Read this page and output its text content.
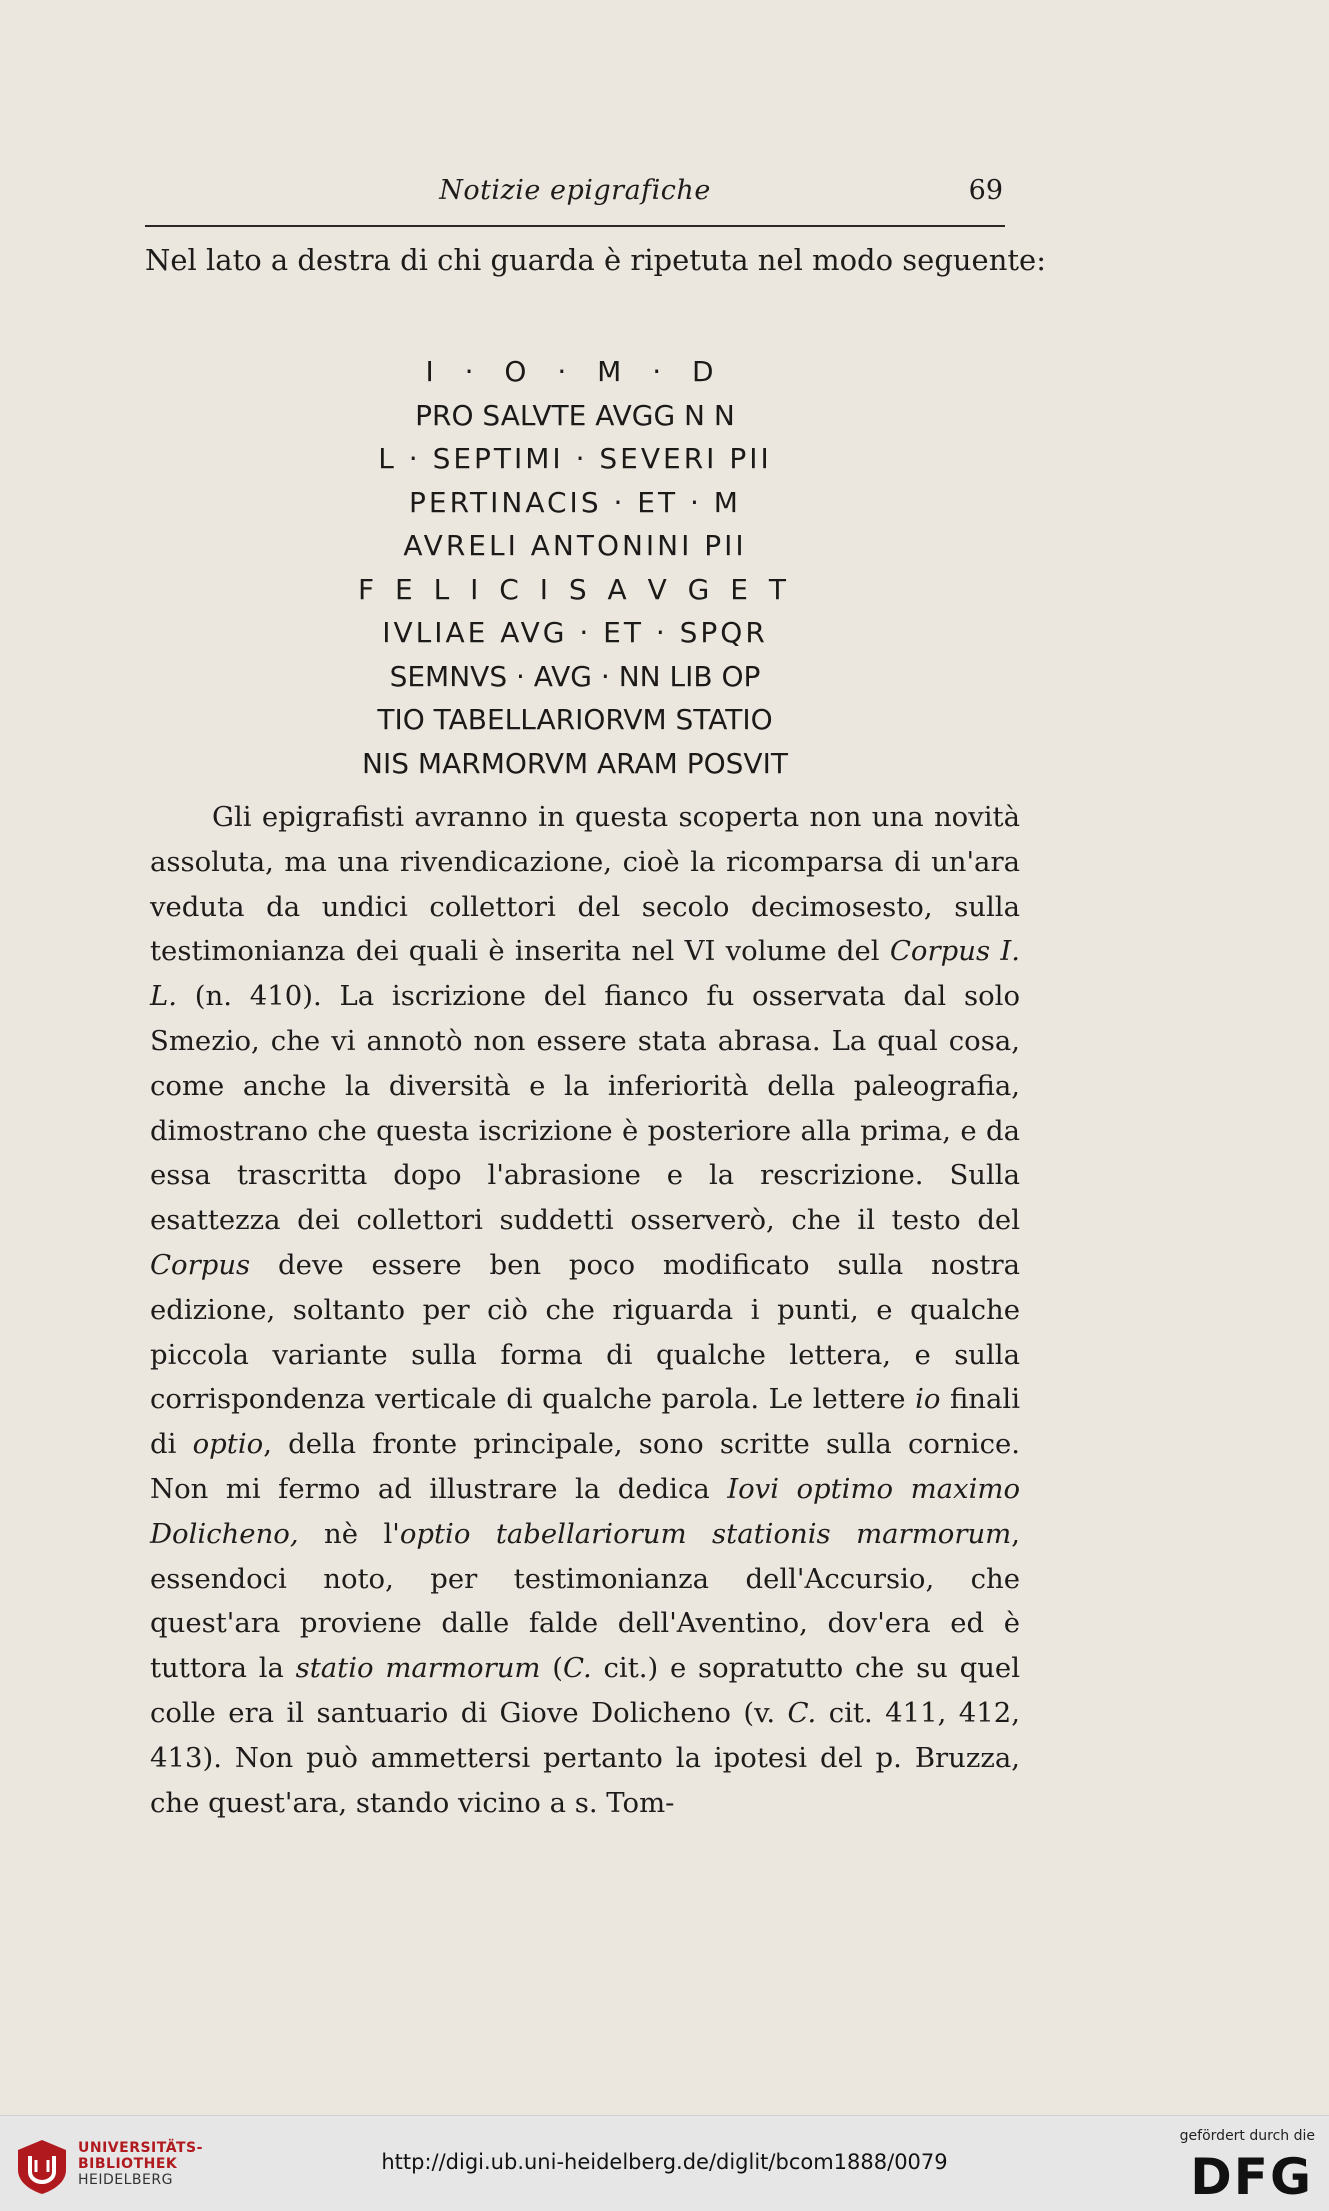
Notizie epigrafiche	69
Nel lato a destra di chi guarda è ripetuta nel modo seguente:
I · O · M · D
PRO SALVTE AVGG N N
L · SEPTIMI · SEVERI PII
PERTINACIS · ET · M
AVRELI ANTONINI PII
F E L I C I S A V G E T
IVLIAE AVG · ET · SPQR
SEMNVS · AVG · NN LIB OP
TIO TABELLARIORVM STATIO
NIS MARMORVM ARAM POSVIT

Gli epigrafisti avranno in questa scoperta non una novità assoluta, ma una rivendicazione, cioè la ricomparsa di un'ara veduta da undici collettori del secolo decimosesto, sulla testimonianza dei quali è inserita nel VI volume del Corpus I. L. (n. 410). La iscrizione del fianco fu osservata dal solo Smezio, che vi annotò non essere stata abrasa. La qual cosa, come anche la diversità e la inferiorità della paleografia, dimostrano che questa iscrizione è posteriore alla prima, e da essa trascritta dopo l'abrasione e la rescrizione. Sulla esattezza dei collettori suddetti osserverò, che il testo del Corpus deve essere ben poco modificato sulla nostra edizione, soltanto per ciò che riguarda i punti, e qualche piccola variante sulla forma di qualche lettera, e sulla corrispondenza verticale di qualche parola. Le lettere io finali di optio, della fronte principale, sono scritte sulla cornice. Non mi fermo ad illustrare la dedica Iovi optimo maximo Dolicheno, nè l'optio tabellariorum stationis marmorum, essendoci noto, per testimonianza dell'Accursio, che quest'ara proviene dalle falde dell'Aventino, dov'era ed è tuttora la statio marmorum (C. cit.) e sopratutto che su quel colle era il santuario di Giove Dolicheno (v. C. cit. 411, 412, 413). Non può ammettersi pertanto la ipotesi del p. Bruzza, che quest'ara, stando vicino a s. Tom-

UNIVERSITÄTS-
BIBLIOTHEK
HEIDELBERG
http://digi.ub.uni-heidelberg.de/diglit/bcom1888/0079
gefördert durch die
DFG
